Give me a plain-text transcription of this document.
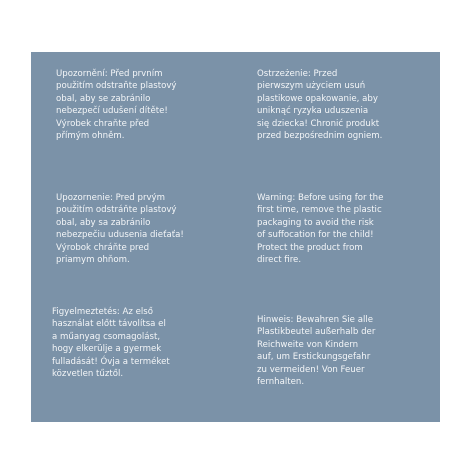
Upozornění: Před prvním
použitím odstraňte plastový
obal, aby se zabránilo
nebezpečí udušení dítěte!
Výrobek chraňte před
přímým ohněm.

Ostrzeżenie: Przed
pierwszym użyciem usuń
plastikowe opakowanie, aby
uniknąć ryzyka uduszenia
się dziecka! Chronić produkt
przed bezpośrednim ogniem.

Upozornenie: Pred prvým
použitím odstráňte plastový
obal, aby sa zabránilo
nebezpečiu udusenia dieťaťa!
Výrobok chráňte pred
priamym ohňom.

Warning: Before using for the
first time, remove the plastic
packaging to avoid the risk
of suffocation for the child!
Protect the product from
direct fire.

Figyelmeztetés: Az első
használat előtt távolítsa el
a műanyag csomagolást,
hogy elkerülje a gyermek
fulladását! Óvja a terméket
közvetlen tűztől.

Hinweis: Bewahren Sie alle
Plastikbeutel außerhalb der
Reichweite von Kindern
auf, um Erstickungsgefahr
zu vermeiden! Von Feuer
fernhalten.
